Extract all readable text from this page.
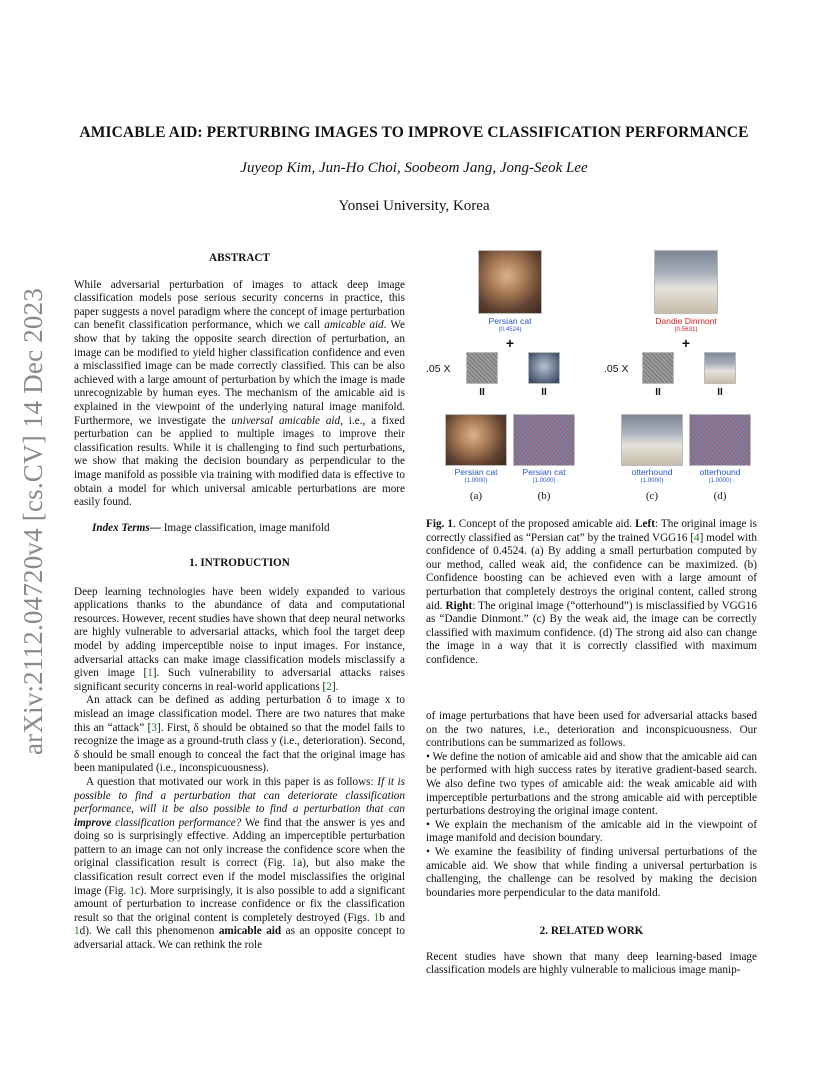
arXiv:2112.04720v4 [cs.CV] 14 Dec 2023
AMICABLE AID: PERTURBING IMAGES TO IMPROVE CLASSIFICATION PERFORMANCE
Juyeop Kim, Jun-Ho Choi, Soobeom Jang, Jong-Seok Lee
Yonsei University, Korea
ABSTRACT

While adversarial perturbation of images to attack deep image classification models pose serious security concerns in practice, this paper suggests a novel paradigm where the concept of image perturbation can benefit classification performance, which we call amicable aid. We show that by taking the opposite search direction of perturbation, an image can be modified to yield higher classification confidence and even a misclassified image can be made correctly classified. This can be also achieved with a large amount of perturbation by which the image is made unrecognizable by human eyes. The mechanism of the amicable aid is explained in the viewpoint of the underlying natural image manifold. Furthermore, we investigate the universal amicable aid, i.e., a fixed perturbation can be applied to multiple images to improve their classification results. While it is challenging to find such perturbations, we show that making the decision boundary as perpendicular to the image manifold as possible via training with modified data is effective to obtain a model for which universal amicable perturbations are more easily found.

Index Terms— Image classification, image manifold

1. INTRODUCTION

Deep learning technologies have been widely expanded to various applications thanks to the abundance of data and computational resources. However, recent studies have shown that deep neural networks are highly vulnerable to adversarial attacks, which fool the target deep model by adding imperceptible noise to input images. For instance, adversarial attacks can make image classification models misclassify a given image [1]. Such vulnerability to adversarial attacks raises significant security concerns in real-world applications [2].

An attack can be defined as adding perturbation δ to image x to mislead an image classification model. There are two natures that make this an “attack” [3]. First, δ should be obtained so that the model fails to recognize the image as a ground-truth class y (i.e., deterioration). Second, δ should be small enough to conceal the fact that the original image has been manipulated (i.e., inconspicuousness).

A question that motivated our work in this paper is as follows: If it is possible to find a perturbation that can deteriorate classification performance, will it be also possible to find a perturbation that can improve classification performance? We find that the answer is yes and doing so is surprisingly effective. Adding an imperceptible perturbation pattern to an image can not only increase the confidence score when the original classification result is correct (Fig. 1a), but also make the classification result correct even if the model misclassifies the original image (Fig. 1c). More surprisingly, it is also possible to add a significant amount of perturbation to increase confidence or fix the classification result so that the original content is completely destroyed (Figs. 1b and 1d). We call this phenomenon amicable aid as an opposite concept to adversarial attack. We can rethink the role

Persian cat
(0.4524)
+
.05 X
II	II
Persian cat
(1.0000)
Persian cat
(1.0000)
(a)	(b)
Dandie Dinmont
(0.5631)
+
.05 X
II	II
otterhound
(1.0000)
otterhound
(1.0000)
(c)	(d)
Fig. 1. Concept of the proposed amicable aid. Left: The original image is correctly classified as “Persian cat” by the trained VGG16 [4] model with confidence of 0.4524. (a) By adding a small perturbation computed by our method, called weak aid, the confidence can be maximized. (b) Confidence boosting can be achieved even with a large amount of perturbation that completely destroys the original content, called strong aid. Right: The original image (“otterhound”) is misclassified by VGG16 as “Dandie Dinmont.” (c) By the weak aid, the image can be correctly classified with maximum confidence. (d) The strong aid also can change the image in a way that it is correctly classified with maximum confidence.

of image perturbations that have been used for adversarial attacks based on the two natures, i.e., deterioration and inconspicuousness. Our contributions can be summarized as follows.

• We define the notion of amicable aid and show that the amicable aid can be performed with high success rates by iterative gradient-based search. We also define two types of amicable aid: the weak amicable aid with imperceptible perturbations and the strong amicable aid with perceptible perturbations destroying the original image content.

• We explain the mechanism of the amicable aid in the viewpoint of image manifold and decision boundary.

• We examine the feasibility of finding universal perturbations of the amicable aid. We show that while finding a universal perturbation is challenging, the challenge can be resolved by making the decision boundaries more perpendicular to the data manifold.

2. RELATED WORK

Recent studies have shown that many deep learning-based image classification models are highly vulnerable to malicious image manip-
